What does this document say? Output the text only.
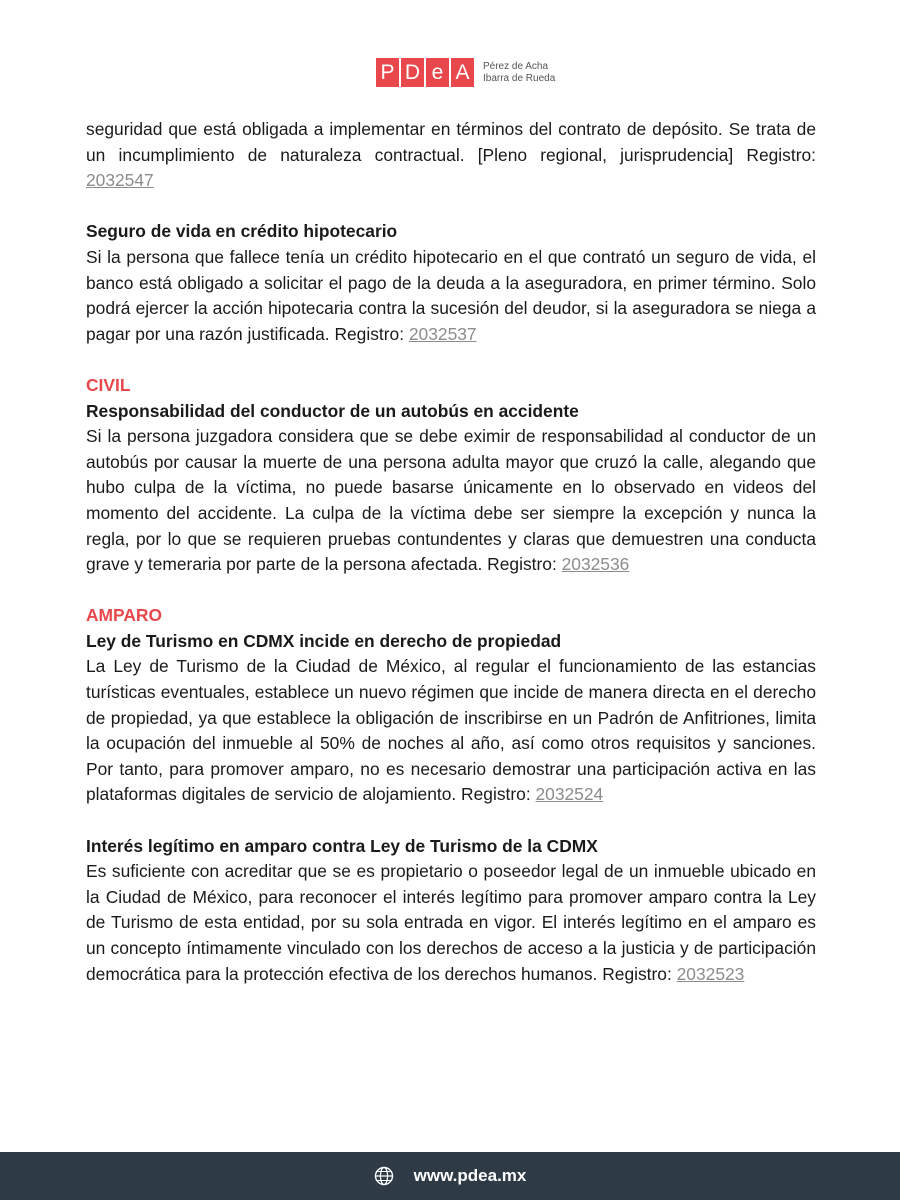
P D e A	Pérez de Acha
Ibarra de Rueda

seguridad que está obligada a implementar en términos del contrato de depósito. Se trata de un incumplimiento de naturaleza contractual. [Pleno regional, jurisprudencia] Registro: 2032547

Seguro de vida en crédito hipotecario

Si la persona que fallece tenía un crédito hipotecario en el que contrató un seguro de vida, el banco está obligado a solicitar el pago de la deuda a la aseguradora, en primer término. Solo podrá ejercer la acción hipotecaria contra la sucesión del deudor, si la aseguradora se niega a pagar por una razón justificada. Registro: 2032537

CIVIL
Responsabilidad del conductor de un autobús en accidente

Si la persona juzgadora considera que se debe eximir de responsabilidad al conductor de un autobús por causar la muerte de una persona adulta mayor que cruzó la calle, alegando que hubo culpa de la víctima, no puede basarse únicamente en lo observado en videos del momento del accidente. La culpa de la víctima debe ser siempre la excepción y nunca la regla, por lo que se requieren pruebas contundentes y claras que demuestren una conducta grave y temeraria por parte de la persona afectada. Registro: 2032536

AMPARO
Ley de Turismo en CDMX incide en derecho de propiedad

La Ley de Turismo de la Ciudad de México, al regular el funcionamiento de las estancias turísticas eventuales, establece un nuevo régimen que incide de manera directa en el derecho de propiedad, ya que establece la obligación de inscribirse en un Padrón de Anfitriones, limita la ocupación del inmueble al 50% de noches al año, así como otros requisitos y sanciones. Por tanto, para promover amparo, no es necesario demostrar una participación activa en las plataformas digitales de servicio de alojamiento. Registro: 2032524

Interés legítimo en amparo contra Ley de Turismo de la CDMX

Es suficiente con acreditar que se es propietario o poseedor legal de un inmueble ubicado en la Ciudad de México, para reconocer el interés legítimo para promover amparo contra la Ley de Turismo de esta entidad, por su sola entrada en vigor. El interés legítimo en el amparo es un concepto íntimamente vinculado con los derechos de acceso a la justicia y de participación democrática para la protección efectiva de los derechos humanos. Registro: 2032523

www.pdea.mx
